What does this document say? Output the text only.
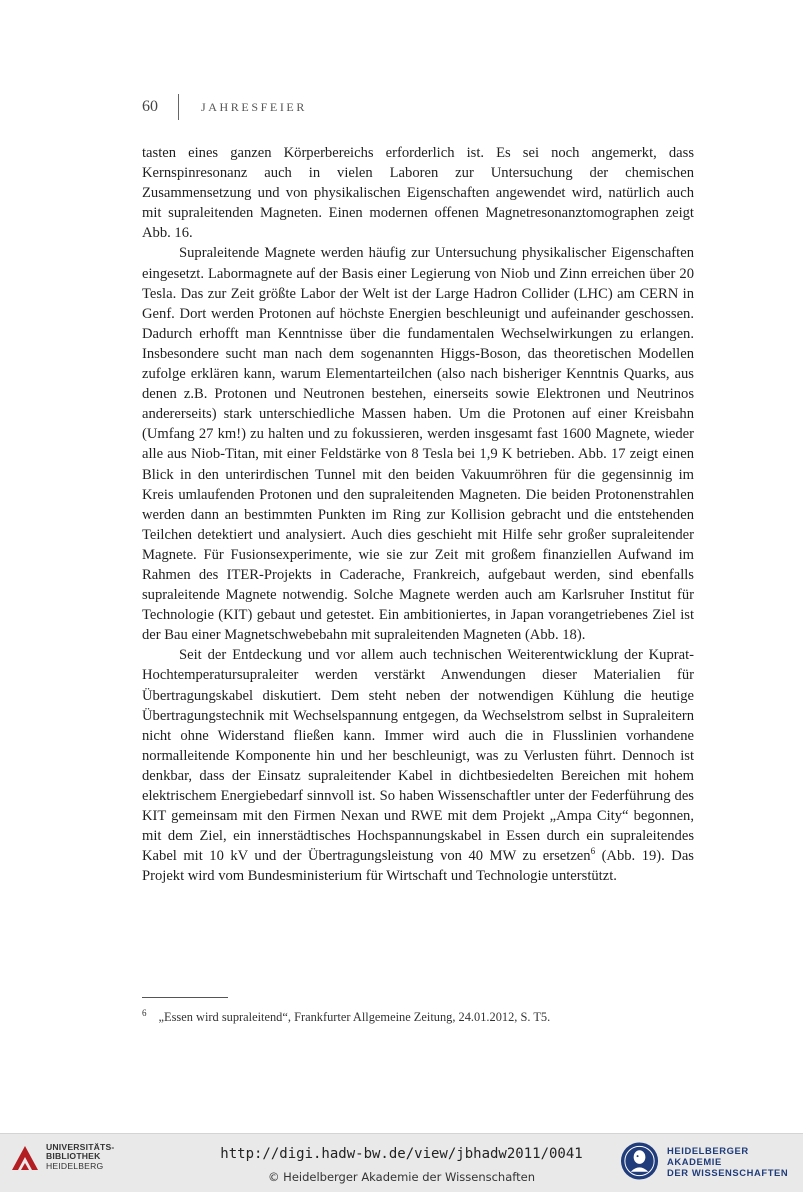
60	JAHRESFEIER

tasten eines ganzen Körperbereichs erforderlich ist. Es sei noch angemerkt, dass Kernspinresonanz auch in vielen Laboren zur Untersuchung der chemischen Zusammensetzung und von physikalischen Eigenschaften angewendet wird, natürlich auch mit supraleitenden Magneten. Einen modernen offenen Magnetresonanztomographen zeigt Abb. 16.

Supraleitende Magnete werden häufig zur Untersuchung physikalischer Eigenschaften eingesetzt. Labormagnete auf der Basis einer Legierung von Niob und Zinn erreichen über 20 Tesla. Das zur Zeit größte Labor der Welt ist der Large Hadron Collider (LHC) am CERN in Genf. Dort werden Protonen auf höchste Energien beschleunigt und aufeinander geschossen. Dadurch erhofft man Kenntnisse über die fundamentalen Wechselwirkungen zu erlangen. Insbesondere sucht man nach dem sogenannten Higgs-Boson, das theoretischen Modellen zufolge erklären kann, warum Elementarteilchen (also nach bisheriger Kenntnis Quarks, aus denen z.B. Protonen und Neutronen bestehen, einerseits sowie Elektronen und Neutrinos andererseits) stark unterschiedliche Massen haben. Um die Protonen auf einer Kreisbahn (Umfang 27 km!) zu halten und zu fokussieren, werden insgesamt fast 1600 Magnete, wieder alle aus Niob-Titan, mit einer Feldstärke von 8 Tesla bei 1,9 K betrieben. Abb. 17 zeigt einen Blick in den unterirdischen Tunnel mit den beiden Vakuumröhren für die gegensinnig im Kreis umlaufenden Protonen und den supraleitenden Magneten. Die beiden Protonenstrahlen werden dann an bestimmten Punkten im Ring zur Kollision gebracht und die entstehenden Teilchen detektiert und analysiert. Auch dies geschieht mit Hilfe sehr großer supraleitender Magnete. Für Fusionsexperimente, wie sie zur Zeit mit großem finanziellen Aufwand im Rahmen des ITER-Projekts in Caderache, Frankreich, aufgebaut werden, sind ebenfalls supraleitende Magnete notwendig. Solche Magnete werden auch am Karlsruher Institut für Technologie (KIT) gebaut und getestet. Ein ambitioniertes, in Japan vorangetriebenes Ziel ist der Bau einer Magnetschwebebahn mit supraleitenden Magneten (Abb. 18).

Seit der Entdeckung und vor allem auch technischen Weiterentwicklung der Kuprat-Hochtemperatursupraleiter werden verstärkt Anwendungen dieser Materialien für Übertragungskabel diskutiert. Dem steht neben der notwendigen Kühlung die heutige Übertragungstechnik mit Wechselspannung entgegen, da Wechselstrom selbst in Supraleitern nicht ohne Widerstand fließen kann. Immer wird auch die in Flusslinien vorhandene normalleitende Komponente hin und her beschleunigt, was zu Verlusten führt. Dennoch ist denkbar, dass der Einsatz supraleitender Kabel in dichtbesiedelten Bereichen mit hohem elektrischem Energiebedarf sinnvoll ist. So haben Wissenschaftler unter der Federführung des KIT gemeinsam mit den Firmen Nexan und RWE mit dem Projekt „Ampa City“ begonnen, mit dem Ziel, ein innerstädtisches Hochspannungskabel in Essen durch ein supraleitendes Kabel mit 10 kV und der Übertragungsleistung von 40 MW zu ersetzen$^6$ (Abb. 19). Das Projekt wird vom Bundesministerium für Wirtschaft und Technologie unterstützt.

$^6$ „Essen wird supraleitend“, Frankfurter Allgemeine Zeitung, 24.01.2012, S. T5.
UNIVERSITÄTS-
BIBLIOTHEK
HEIDELBERG
http://digi.hadw-bw.de/view/jbhadw2011/0041
© Heidelberger Akademie der Wissenschaften
HEIDELBERGER AKADEMIE
DER WISSENSCHAFTEN
